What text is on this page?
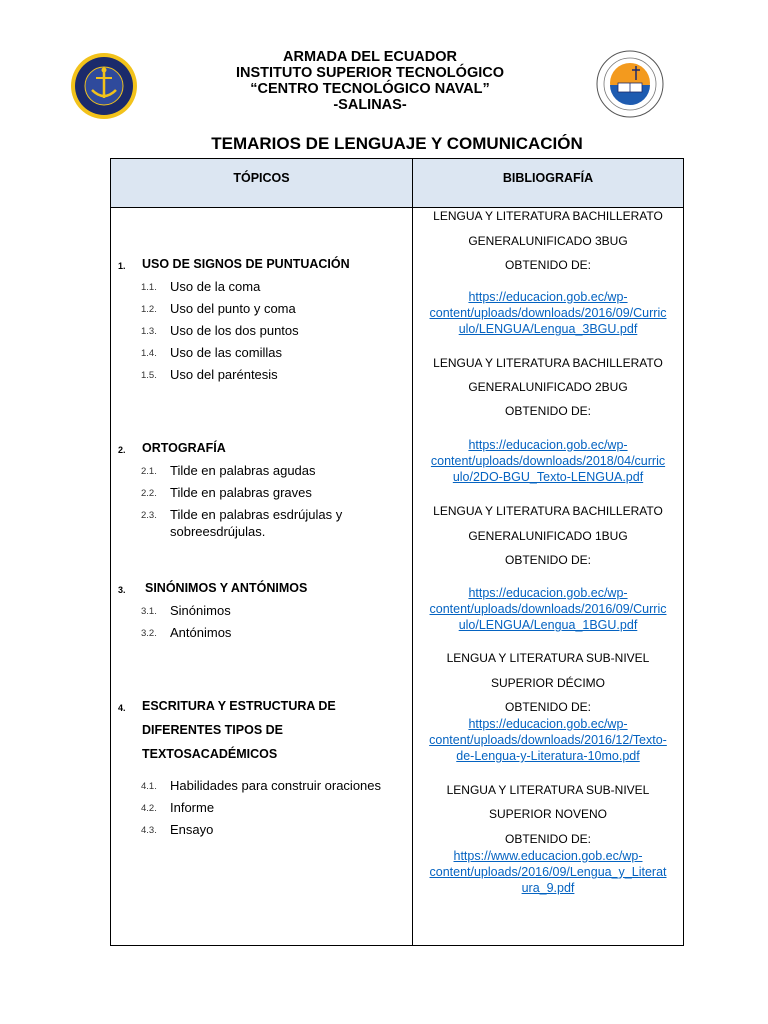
ARMADA DEL ECUADOR
INSTITUTO SUPERIOR TECNOLÓGICO
“CENTRO TECNOLÓGICO NAVAL”
-SALINAS-
TEMARIOS DE LENGUAJE Y COMUNICACIÓN
TÓPICOS	BIBLIOGRAFÍA
1. USO DE SIGNOS DE PUNTUACIÓN
1.1. Uso de la coma
1.2. Uso del punto y coma
1.3. Uso de los dos puntos
1.4. Uso de las comillas
1.5. Uso del paréntesis
2. ORTOGRAFÍA
2.1. Tilde en palabras agudas
2.2. Tilde en palabras graves
2.3. Tilde en palabras esdrújulas y sobreesdrújulas.
3. SINÓNIMOS Y ANTÓNIMOS
3.1. Sinónimos
3.2. Antónimos
4. ESCRITURA Y ESTRUCTURA DE
DIFERENTES TIPOS DE
TEXTOSACADÉMICOS
4.1. Habilidades para construir oraciones
4.2. Informe
4.3. Ensayo
LENGUA Y LITERATURA BACHILLERATO
GENERALUNIFICADO 3BUG
OBTENIDO DE:
https://educacion.gob.ec/wp-
content/uploads/downloads/2016/09/Curric
ulo/LENGUA/Lengua_3BGU.pdf
LENGUA Y LITERATURA BACHILLERATO
GENERALUNIFICADO 2BUG
OBTENIDO DE:
https://educacion.gob.ec/wp-
content/uploads/downloads/2018/04/curric
ulo/2DO-BGU_Texto-LENGUA.pdf
LENGUA Y LITERATURA BACHILLERATO
GENERALUNIFICADO 1BUG
OBTENIDO DE:
https://educacion.gob.ec/wp-
content/uploads/downloads/2016/09/Curric
ulo/LENGUA/Lengua_1BGU.pdf
LENGUA Y LITERATURA SUB-NIVEL
SUPERIOR DÉCIMO
OBTENIDO DE:
https://educacion.gob.ec/wp-
content/uploads/downloads/2016/12/Texto-
de-Lengua-y-Literatura-10mo.pdf
LENGUA Y LITERATURA SUB-NIVEL
SUPERIOR NOVENO
OBTENIDO DE:
https://www.educacion.gob.ec/wp-
content/uploads/2016/09/Lengua_y_Literat
ura_9.pdf
